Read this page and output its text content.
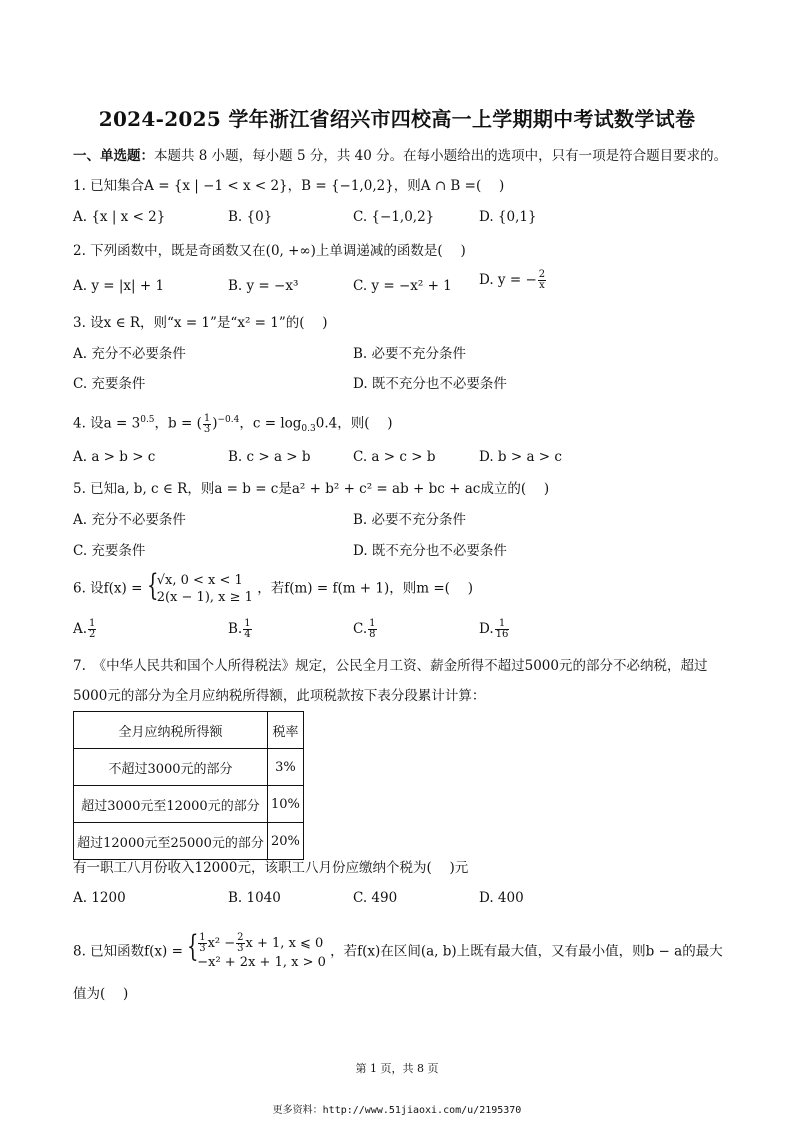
2024-2025 学年浙江省绍兴市四校高一上学期期中考试数学试卷
一、单选题：本题共 8 小题，每小题 5 分，共 40 分。在每小题给出的选项中，只有一项是符合题目要求的。
1. 已知集合A = {x | −1 < x < 2}，B = {−1,0,2}，则A ∩ B =(　 )
A. {x | x < 2}	B. {0}	C. {−1,0,2}	D. {0,1}
2. 下列函数中，既是奇函数又在(0, +∞)上单调递减的函数是(　 )
A. y = |x| + 1	B. y = −x³	C. y = −x² + 1 D. y = − $\frac{2}{x}$
3. 设x ∈ R，则“x = 1”是“x² = 1”的(　 )
A. 充分不必要条件	B. 必要不充分条件
C. 充要条件	D. 既不充分也不必要条件
4. 设$a = 3^{0.5}$，b = ( $\frac{1}{3} )^{-0.4}$，$c = \log_{0.3}0.4$，则(　 )
A. a > b > c	B. c > a > b	C. a > c > b	D. b > a > c
5. 已知a, b, c ∈ R，则a = b = c是a² + b² + c² = ab + bc + ac成立的(　 )
A. 充分不必要条件	B. 必要不充分条件
C. 充要条件	D. 既不充分也不必要条件
6. 设f(x) = {
√x, 0 < x < 1
2(x − 1), x ≥ 1
，若f(m) = f(m + 1)，则m =(　 )
A. $\frac{1}{2}$	B. $\frac{1}{4}$	C. $\frac{1}{8}$	D. $\frac{1}{16}$
7.　《中华人民共和国个人所得税法》规定，公民全月工资、薪金所得不超过5000元的部分不必纳税，超过
5000元的部分为全月应纳税所得额，此项税款按下表分段累计计算：
全月应纳税所得额	税率
不超过3000元的部分	3%
超过3000元至12000元的部分	10%
超过12000元至25000元的部分	20%
有一职工八月份收入12000元，该职工八月份应缴纳个税为(　 )元
A. 1200	B. 1040	C. 490	D. 400
8. 已知函数f(x) = { $\frac{1}{3} x^2 - \frac{2}{3}$ x + 1, x ⩽ 0
−x² + 2x + 1, x > 0
，若f(x)在区间(a, b)上既有最大值，又有最小值，则b − a的最大
值为(　 )
第 1 页，共 8 页
更多资料：http://www.51jiaoxi.com/u/2195370
